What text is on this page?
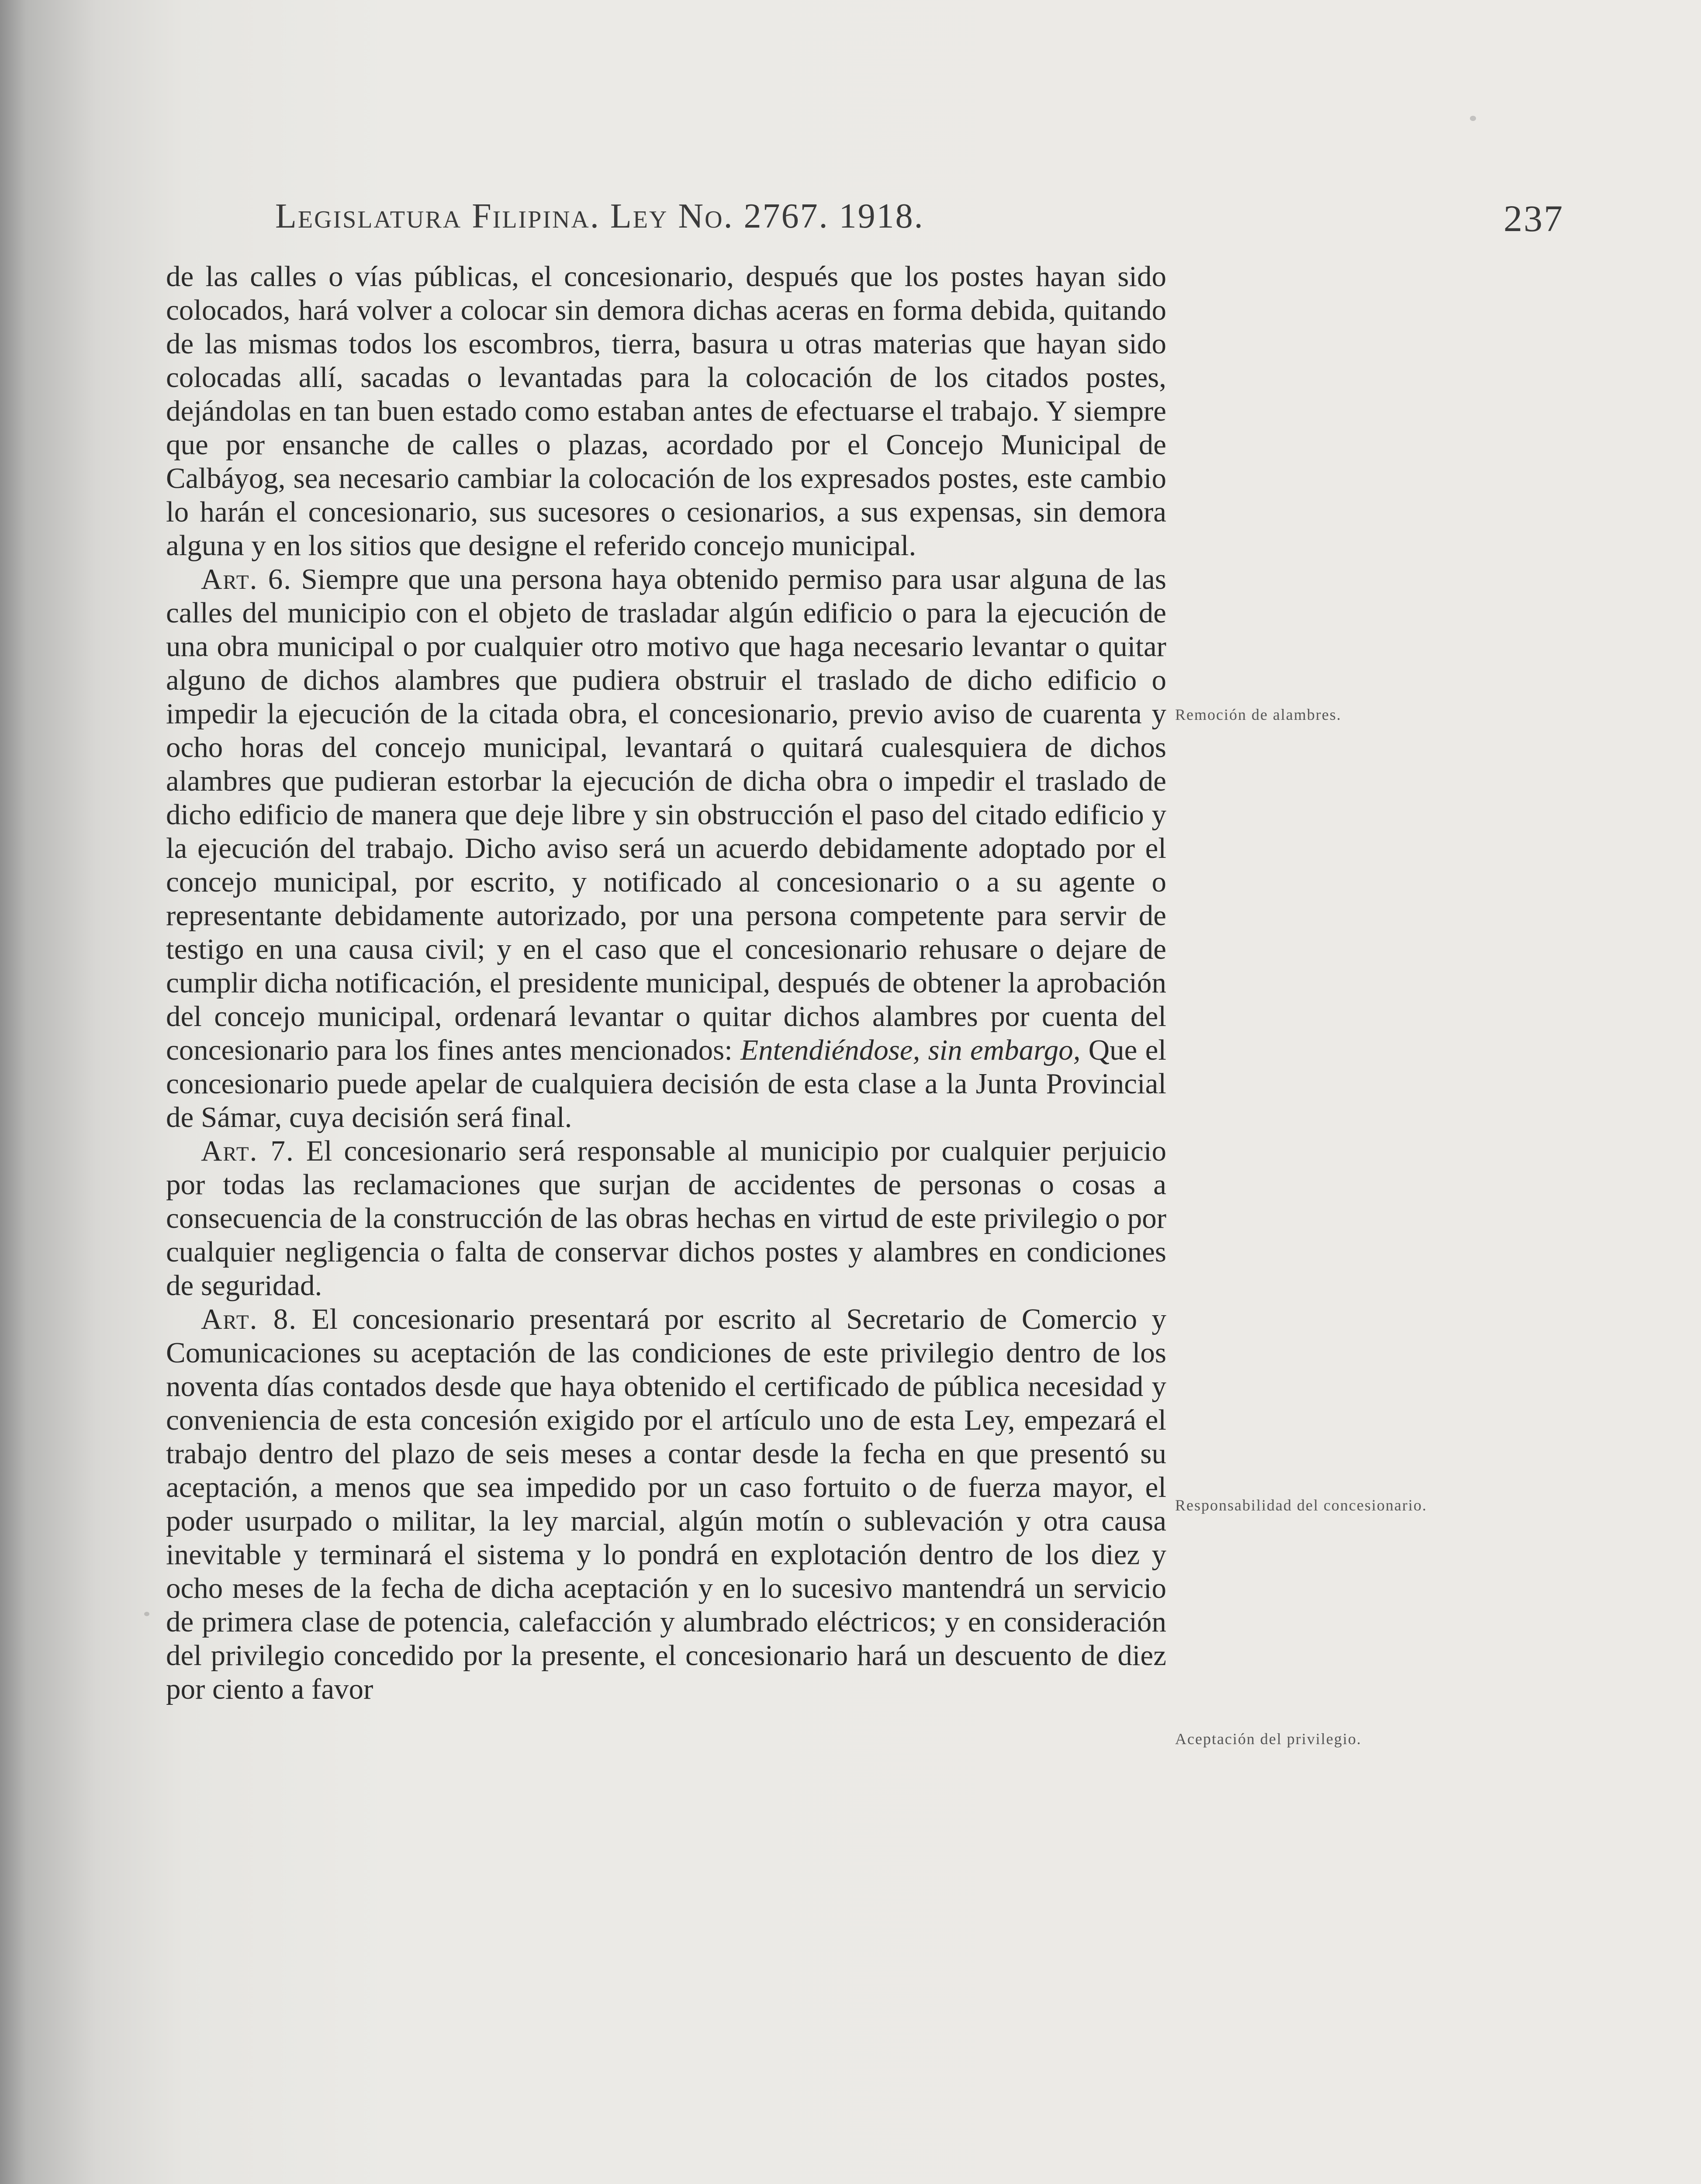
Legislatura Filipina. Ley No. 2767. 1918.	237

de las calles o vías públicas, el concesionario, después que los postes hayan sido colocados, hará volver a colocar sin demora dichas aceras en forma debida, quitando de las mismas todos los escombros, tierra, basura u otras materias que hayan sido colocadas allí, sacadas o levantadas para la colocación de los citados postes, dejándolas en tan buen estado como estaban antes de efectuarse el trabajo. Y siempre que por ensanche de calles o plazas, acordado por el Concejo Municipal de Calbáyog, sea necesario cambiar la colocación de los expresados postes, este cambio lo harán el concesionario, sus sucesores o cesionarios, a sus expensas, sin demora alguna y en los sitios que designe el referido concejo municipal.

Art. 6. Siempre que una persona haya obtenido permiso para usar alguna de las calles del municipio con el objeto de trasladar algún edificio o para la ejecución de una obra municipal o por cualquier otro motivo que haga necesario levantar o quitar alguno de dichos alambres que pudiera obstruir el traslado de dicho edificio o impedir la ejecución de la citada obra, el concesionario, previo aviso de cuarenta y ocho horas del concejo municipal, levantará o quitará cualesquiera de dichos alambres que pudieran estorbar la ejecución de dicha obra o impedir el traslado de dicho edificio de manera que deje libre y sin obstrucción el paso del citado edificio y la ejecución del trabajo. Dicho aviso será un acuerdo debidamente adoptado por el concejo municipal, por escrito, y notificado al concesionario o a su agente o representante debidamente autorizado, por una persona competente para servir de testigo en una causa civil; y en el caso que el concesionario rehusare o dejare de cumplir dicha notificación, el presidente municipal, después de obtener la aprobación del concejo municipal, ordenará levantar o quitar dichos alambres por cuenta del concesionario para los fines antes mencionados: Entendiéndose, sin embargo, Que el concesionario puede apelar de cualquiera decisión de esta clase a la Junta Provincial de Sámar, cuya decisión será final.

Art. 7. El concesionario será responsable al municipio por cualquier perjuicio por todas las reclamaciones que surjan de accidentes de personas o cosas a consecuencia de la construcción de las obras hechas en virtud de este privilegio o por cualquier negligencia o falta de conservar dichos postes y alambres en condiciones de seguridad.

Art. 8. El concesionario presentará por escrito al Secretario de Comercio y Comunicaciones su aceptación de las condiciones de este privilegio dentro de los noventa días contados desde que haya obtenido el certificado de pública necesidad y conveniencia de esta concesión exigido por el artículo uno de esta Ley, empezará el trabajo dentro del plazo de seis meses a contar desde la fecha en que presentó su aceptación, a menos que sea impedido por un caso fortuito o de fuerza mayor, el poder usurpado o militar, la ley marcial, algún motín o sublevación y otra causa inevitable y terminará el sistema y lo pondrá en explotación dentro de los diez y ocho meses de la fecha de dicha aceptación y en lo sucesivo mantendrá un servicio de primera clase de potencia, calefacción y alumbrado eléctricos; y en consideración del privilegio concedido por la presente, el concesionario hará un descuento de diez por ciento a favor

Remoción de alambres.
Responsabilidad del concesionario.
Aceptación del privilegio.
